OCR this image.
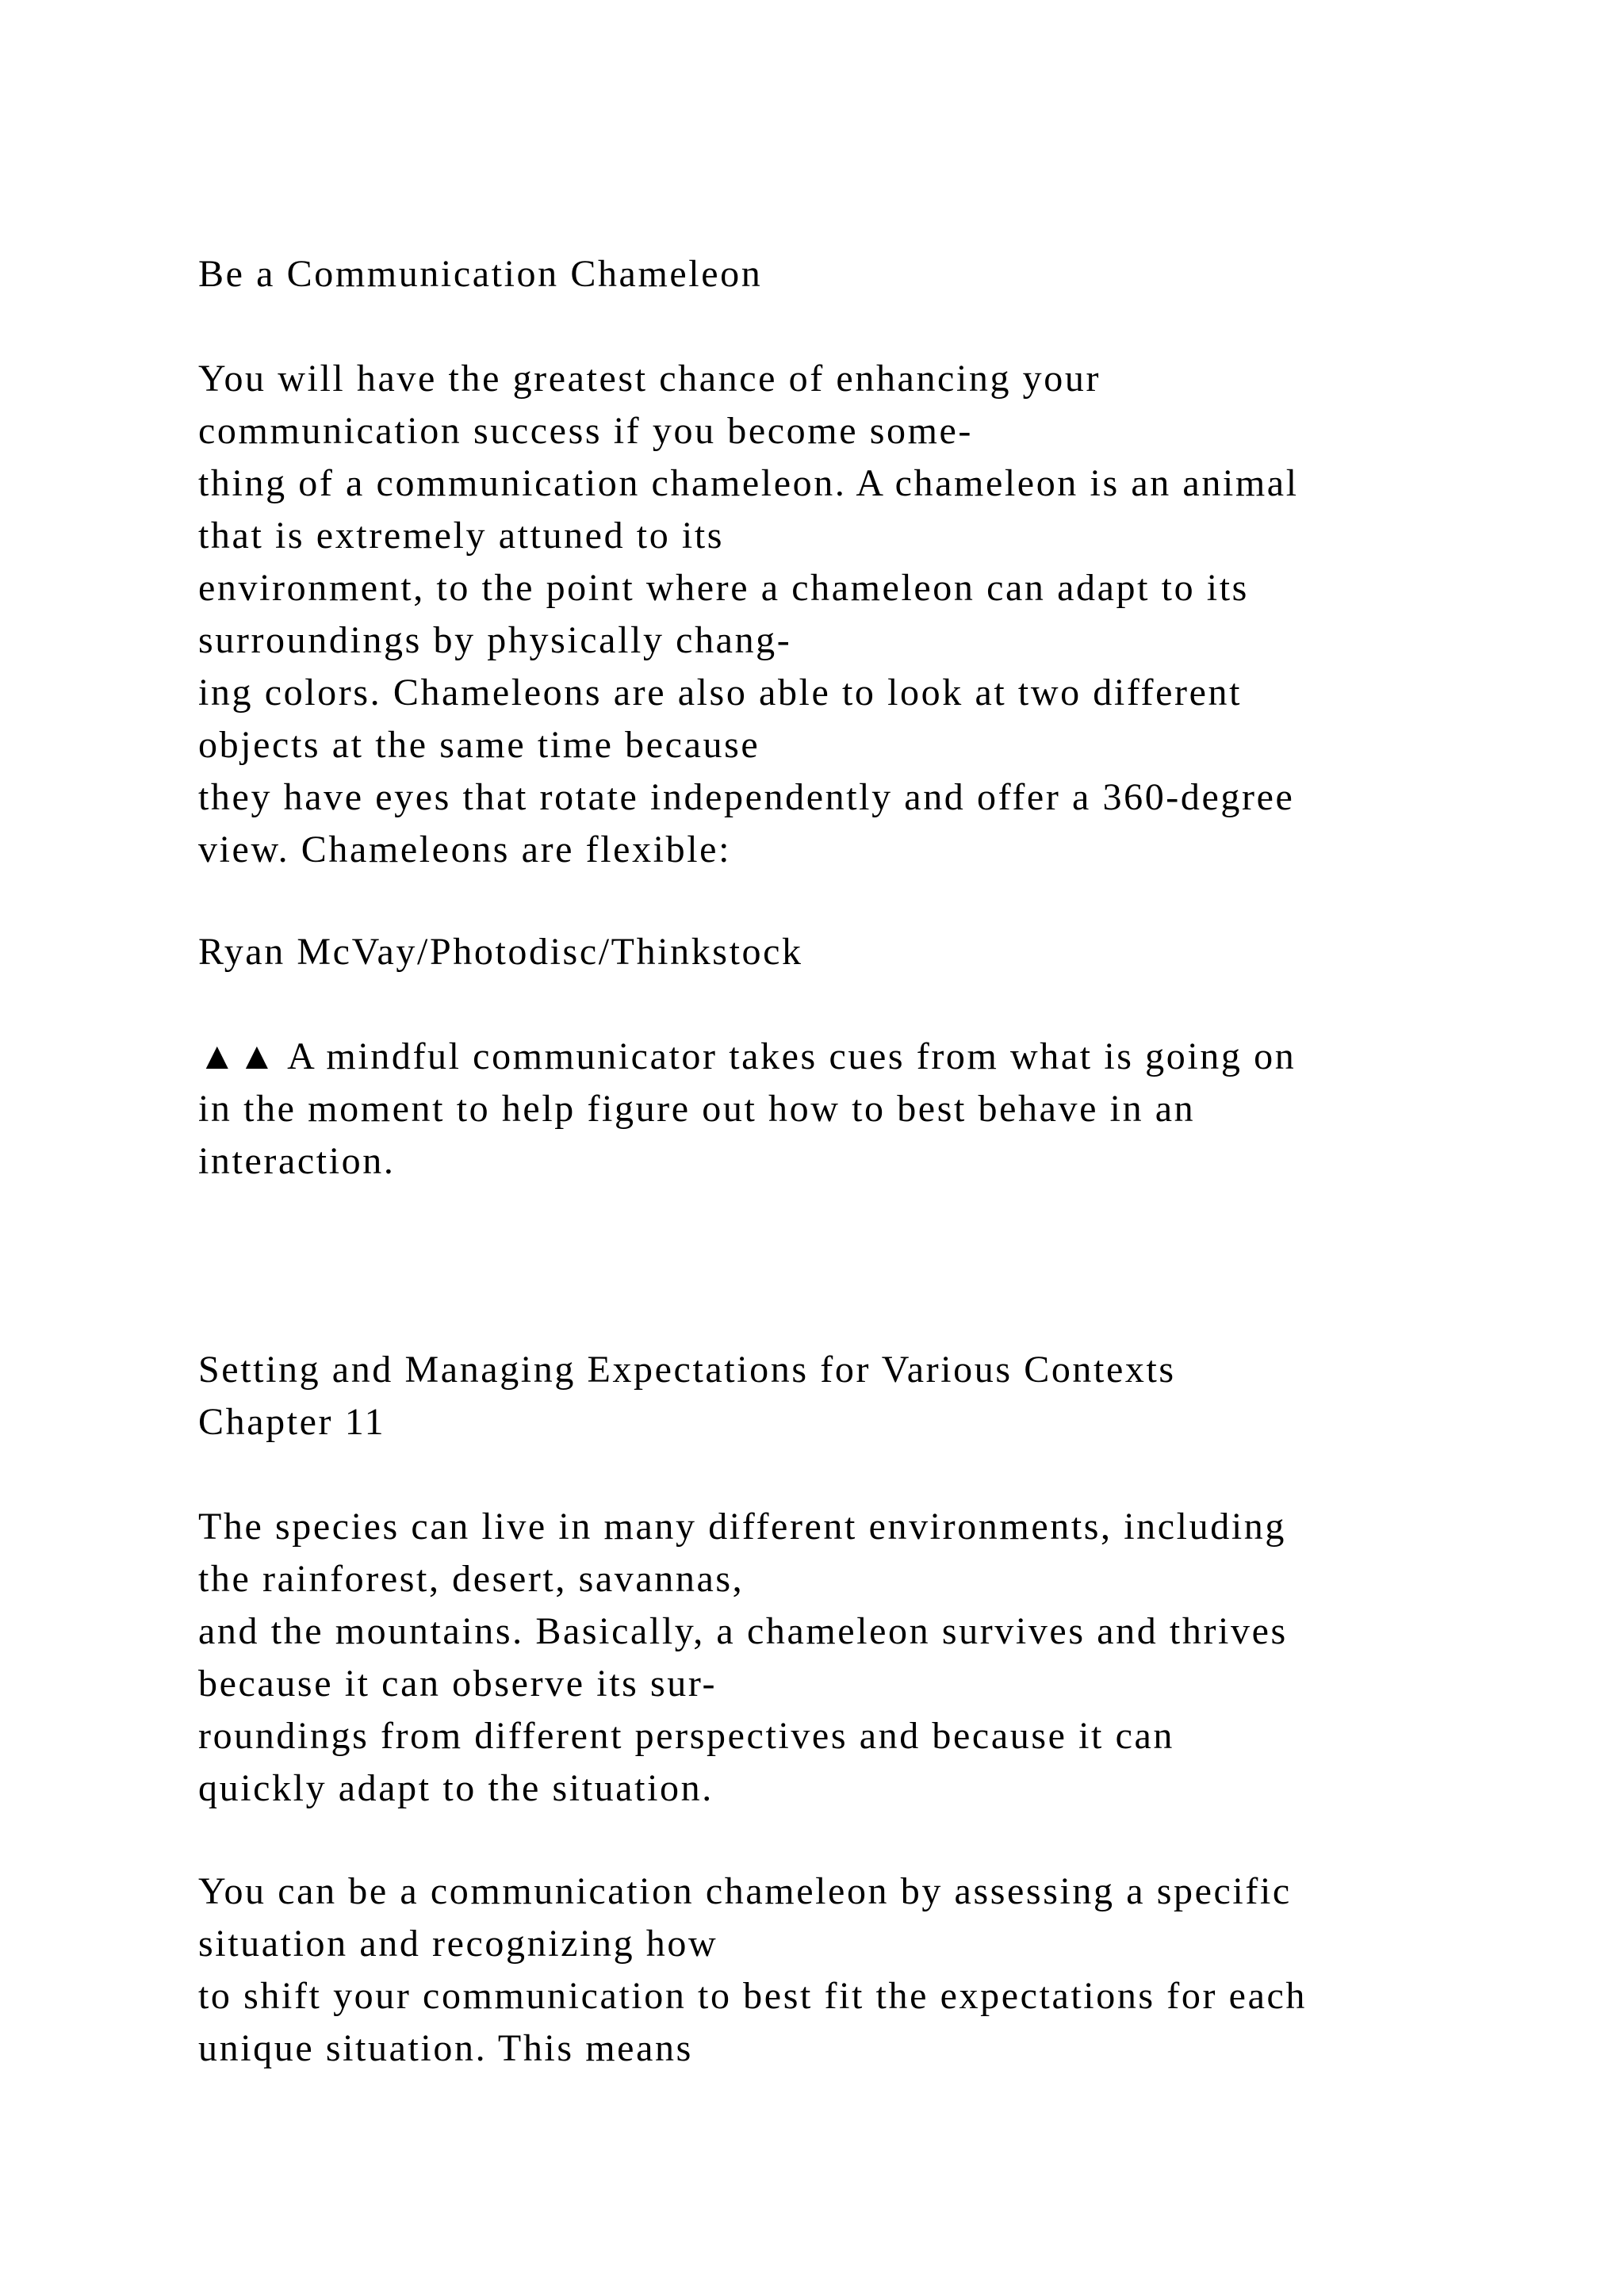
Be a Communication Chameleon

You will have the greatest chance of enhancing your
communication success if you become some-
thing of a communication chameleon. A chameleon is an animal
that is extremely attuned to its
environment, to the point where a chameleon can adapt to its
surroundings by physically chang-
ing colors. Chameleons are also able to look at two different
objects at the same time because
they have eyes that rotate independently and offer a 360-degree
view. Chameleons are flexible:

Ryan McVay/Photodisc/Thinkstock

▲▲ A mindful communicator takes cues from what is going on
in the moment to help figure out how to best behave in an
interaction.

Setting and Managing Expectations for Various Contexts
Chapter 11

The species can live in many different environments, including
the rainforest, desert, savannas,
and the mountains. Basically, a chameleon survives and thrives
because it can observe its sur-
roundings from different perspectives and because it can
quickly adapt to the situation.

You can be a communication chameleon by assessing a specific
situation and recognizing how
to shift your communication to best fit the expectations for each
unique situation. This means
